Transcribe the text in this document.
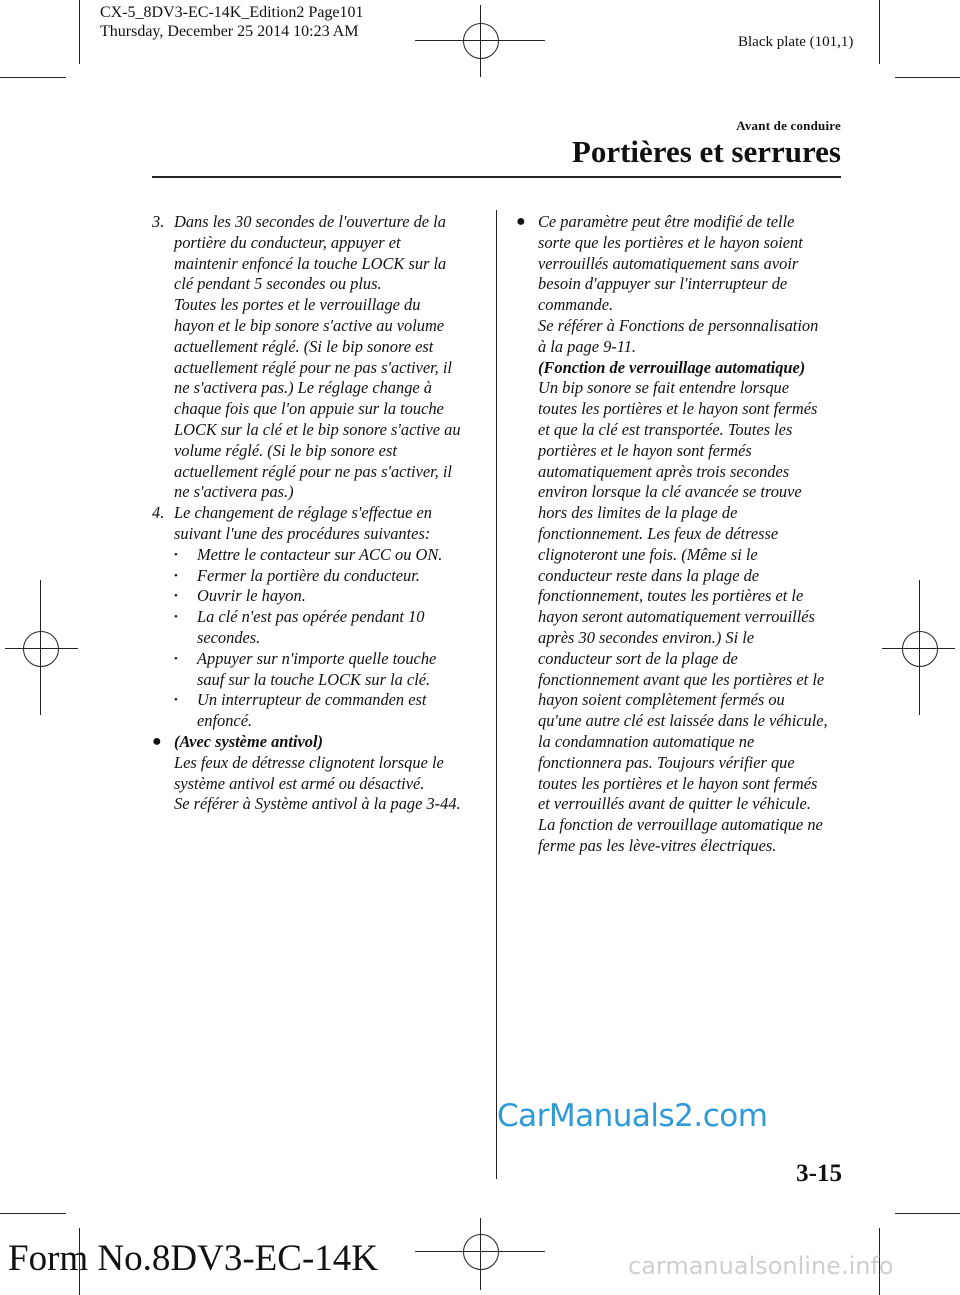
CX-5_8DV3-EC-14K_Edition2 Page101
Thursday, December 25 2014 10:23 AM
Black plate (101,1)
Avant de conduire
Portières et serrures
3. Dans les 30 secondes de l'ouverture de la

portière du conducteur, appuyer et

maintenir enfoncé la touche LOCK sur la

clé pendant 5 secondes ou plus.

Toutes les portes et le verrouillage du

hayon et le bip sonore s'active au volume

actuellement réglé. (Si le bip sonore est

actuellement réglé pour ne pas s'activer, il

ne s'activera pas.) Le réglage change à

chaque fois que l'on appuie sur la touche

LOCK sur la clé et le bip sonore s'active au

volume réglé. (Si le bip sonore est

actuellement réglé pour ne pas s'activer, il

ne s'activera pas.)

4. Le changement de réglage s'effectue en

suivant l'une des procédures suivantes:

•	Mettre le contacteur sur ACC ou ON.

•	Fermer la portière du conducteur.

•	Ouvrir le hayon.

•	La clé n'est pas opérée pendant 10

secondes.

•	Appuyer sur n'importe quelle touche

sauf sur la touche LOCK sur la clé.

•	Un interrupteur de commanden est

enfoncé.

● (Avec système antivol)

Les feux de détresse clignotent lorsque le

système antivol est armé ou désactivé.

Se référer à Système antivol à la page 3-44.

● Ce paramètre peut être modifié de telle

sorte que les portières et le hayon soient

verrouillés automatiquement sans avoir

besoin d'appuyer sur l'interrupteur de

commande.

Se référer à Fonctions de personnalisation

à la page 9-11.

(Fonction de verrouillage automatique)

Un bip sonore se fait entendre lorsque

toutes les portières et le hayon sont fermés

et que la clé est transportée. Toutes les

portières et le hayon sont fermés

automatiquement après trois secondes

environ lorsque la clé avancée se trouve

hors des limites de la plage de

fonctionnement. Les feux de détresse

clignoteront une fois. (Même si le

conducteur reste dans la plage de

fonctionnement, toutes les portières et le

hayon seront automatiquement verrouillés

après 30 secondes environ.) Si le

conducteur sort de la plage de

fonctionnement avant que les portières et le

hayon soient complètement fermés ou

qu'une autre clé est laissée dans le véhicule,

la condamnation automatique ne

fonctionnera pas. Toujours vérifier que

toutes les portières et le hayon sont fermés

et verrouillés avant de quitter le véhicule.

La fonction de verrouillage automatique ne

ferme pas les lève-vitres électriques.

CarManuals2.com
3-15
Form No.8DV3-EC-14K	carmanualsonline.info
